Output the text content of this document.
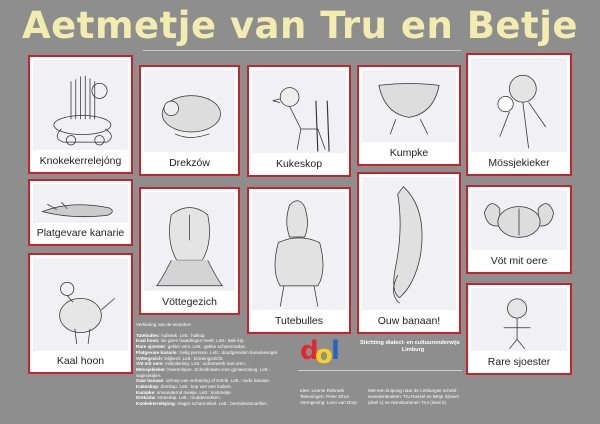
Aetmetje van Tru en Betje
Knokekerrelejóng
Platgevare kanarie
Kaal hoon
Drekzów
Vöttegezich
Kukeskop
Tutebulles
Kumpke
Ouw banaan!
Mössjekieker
Vöt mit oere
Rare sjoester
Verklaring van de woorden:
Tutebulles: hulletak. Lett.: hulkop.
Kaal hoon: vie geen haatdingen heeft. Lett.: kale kip.
Rare sjoester: gekke vent. Lett.: gekke schoenmaker.
Platgevare kanarie: zielig persoon. Lett.: doodgereden kanariievogel.
Vöttegezich: lelijkerd. Lett.: kontengezicht.
Vöt mit oere: misluikeling. Lett.: achterwerk met oren.
Mössjekieker: hoerenloper. Scheldnaam voor gynaecoloog. Lett.: vaginakijker.
Ouw banaan: uitroep van verbazing of schrik. Lett.: oude banaan.
Kukeskop: domkop. Lett.: kop van een kuiken.
Kumpke: omvandernd meisje. Lett.: kommetje.
Drekzów: smeerlap. Lett.: modderverken.
Knokekerrelejóng: mager scharminkel. Lett.: beenderencarillon.
d
o
l	Stichting dialect- en cultuuronderwijs
Limburg
Idee: Leonie Robroek
Tekeningen: Peter Zincs
Vormgeving: Leon van Dorp
Met een knipoog naar de Limburgse scheld-
woordenboeken: Tru Raszel en Betje Sjravel
(deel 1) en Nonsbommen Tru! (deel 2).
